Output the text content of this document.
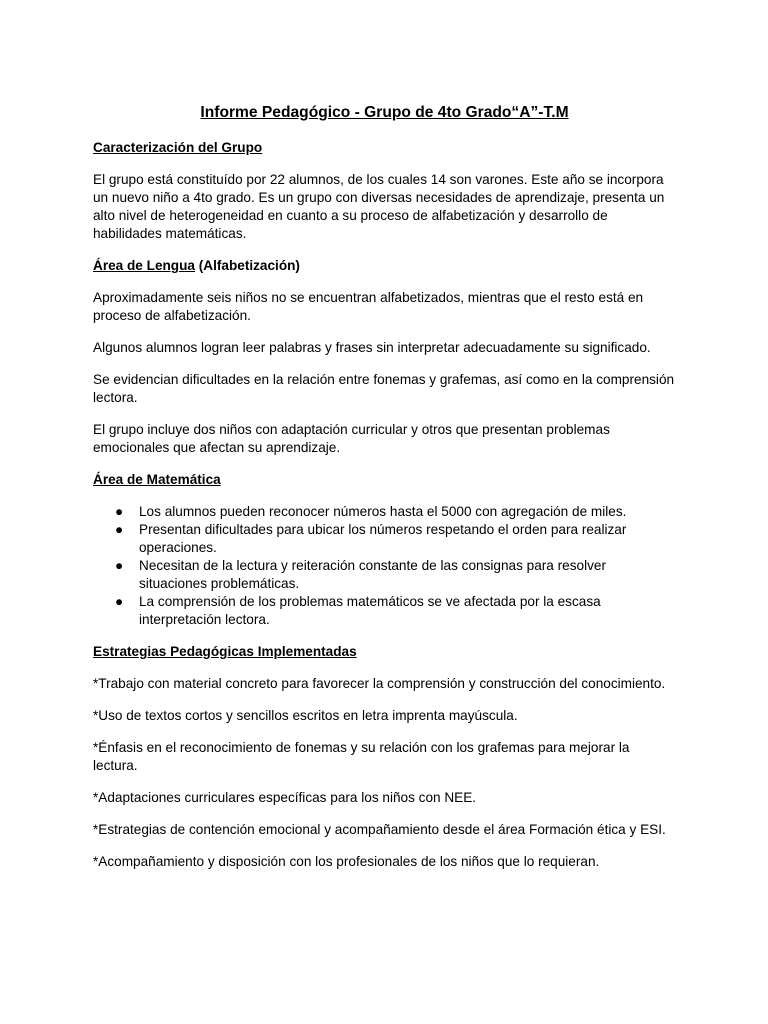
Informe Pedagógico - Grupo de 4to Grado“A”-T.M
Caracterización del Grupo

El grupo está constituído por 22 alumnos, de los cuales 14 son varones. Este año se incorpora un nuevo niño a 4to grado. Es un grupo con diversas necesidades de aprendizaje, presenta un alto nivel de heterogeneidad en cuanto a su proceso de alfabetización y desarrollo de habilidades matemáticas.

Área de Lengua (Alfabetización)

Aproximadamente seis niños no se encuentran alfabetizados, mientras que el resto está en proceso de alfabetización.

Algunos alumnos logran leer palabras y frases sin interpretar adecuadamente su significado.

Se evidencian dificultades en la relación entre fonemas y grafemas, así como en la comprensión lectora.

El grupo incluye dos niños con adaptación curricular y otros que presentan problemas emocionales que afectan su aprendizaje.

Área de Matemática
● Los alumnos pueden reconocer números hasta el 5000 con agregación de miles.
● Presentan dificultades para ubicar los números respetando el orden para realizar operaciones.
● Necesitan de la lectura y reiteración constante de las consignas para resolver situaciones problemáticas.
● La comprensión de los problemas matemáticos se ve afectada por la escasa interpretación lectora.
Estrategias Pedagógicas Implementadas

*Trabajo con material concreto para favorecer la comprensión y construcción del conocimiento.

*Uso de textos cortos y sencillos escritos en letra imprenta mayúscula.

*Énfasis en el reconocimiento de fonemas y su relación con los grafemas para mejorar la lectura.

*Adaptaciones curriculares específicas para los niños con NEE.

*Estrategias de contención emocional y acompañamiento desde el área Formación ética y ESI.

*Acompañamiento y disposición con los profesionales de los niños que lo requieran.
